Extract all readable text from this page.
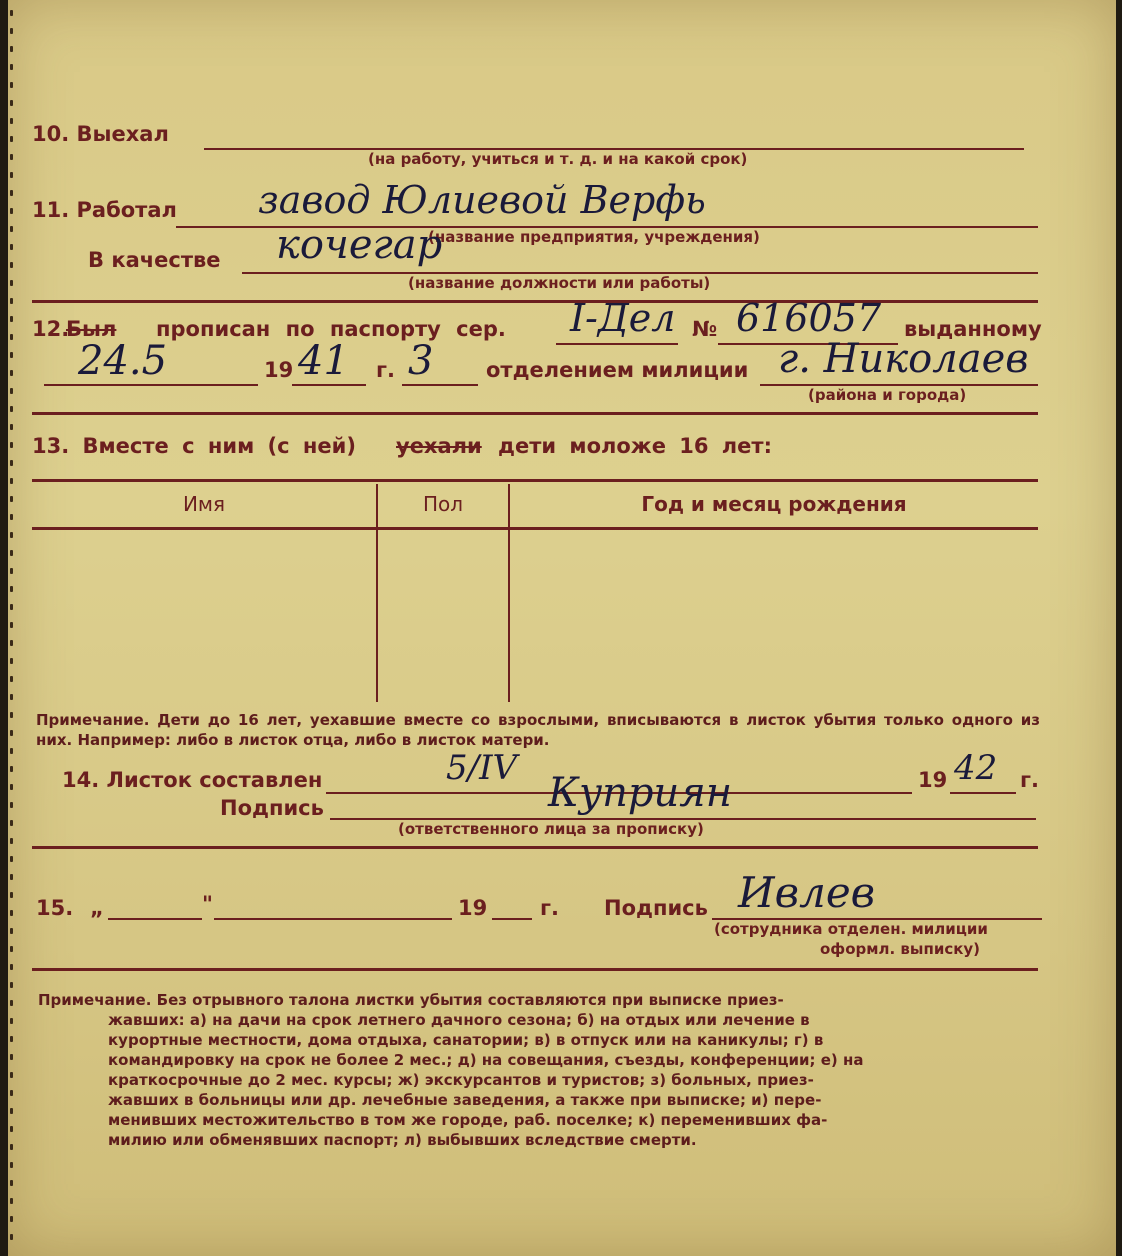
10. Выехал
(на работу, учиться и т. д. и на какой срок)
11. Работал завод Юлиевой Верфь
(название предприятия, учреждения)
В качестве кочегар
(название должности или работы)
12.
Был прописан по паспорту сер. I-Дел № 616057 выданному
24.5	19 41 г. 3	отделением милиции г. Николаев
(района и города)
13. Вместе с ним (с ней) уехали дети моложе 16 лет:
Имя	Пол	Год и месяц рождения
Примечание. Дети до 16 лет, уехавшие вместе со взрослыми, вписываются в листок убытия только одного из них. Например: либо в листок отца, либо в листок матери.
14. Листок составлен	5/IV	19 42 г.
Подпись	Куприян
(ответственного лица за прописку)
15. „	"	19	г. Подпись Ивлев
(сотрудника отделен. милиции
оформл. выписку)
Примечание. Без отрывного талона листки убытия составляются при выписке приез-
жавших: а) на дачи на срок летнего дачного сезона; б) на отдых или лечение в
курортные местности, дома отдыха, санатории; в) в отпуск или на каникулы; г) в
командировку на срок не более 2 мес.; д) на совещания, съезды, конференции; е) на
краткосрочные до 2 мес. курсы; ж) экскурсантов и туристов; з) больных, приез-
жавших в больницы или др. лечебные заведения, а также при выписке; и) пере-
менивших местожительство в том же городе, раб. поселке; к) переменивших фа-
милию или обменявших паспорт; л) выбывших вследствие смерти.
